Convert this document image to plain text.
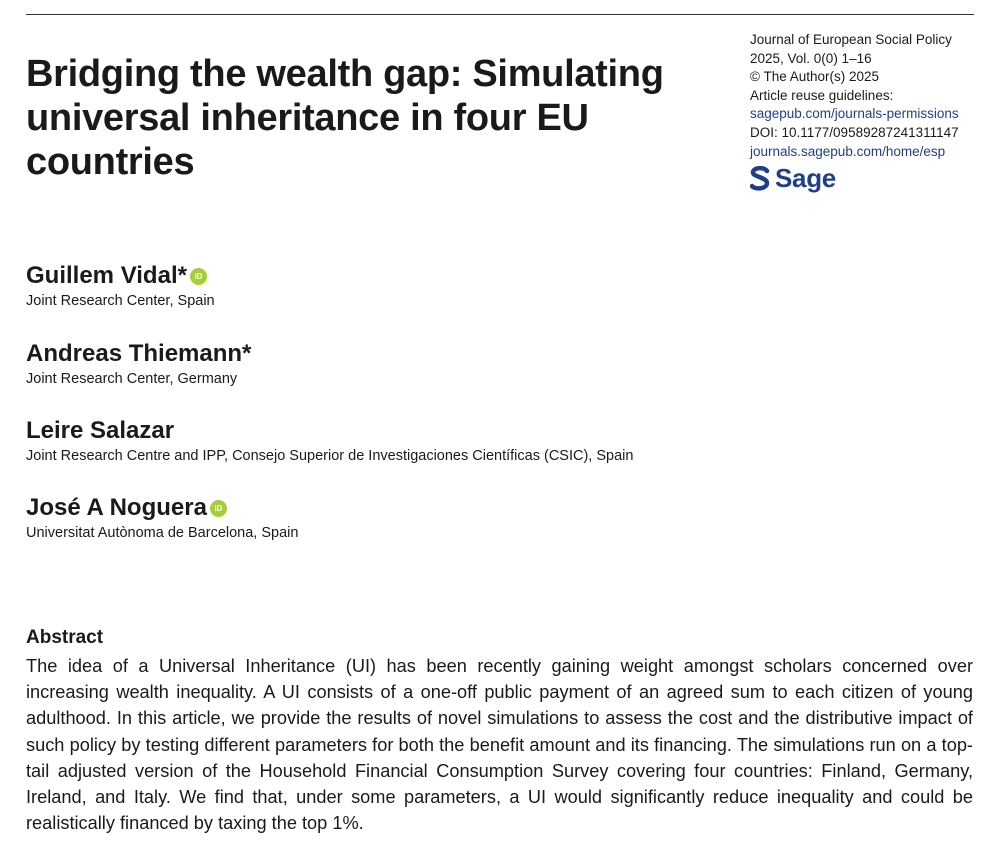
Bridging the wealth gap: Simulating universal inheritance in four EU countries
Journal of European Social Policy
2025, Vol. 0(0) 1–16
© The Author(s) 2025
Article reuse guidelines:
sagepub.com/journals-permissions
DOI: 10.1177/09589287241311147
journals.sagepub.com/home/esp
Sage
Guillem Vidal* iD
Joint Research Center, Spain
Andreas Thiemann*
Joint Research Center, Germany
Leire Salazar
Joint Research Centre and IPP, Consejo Superior de Investigaciones Científicas (CSIC), Spain
José A Noguera iD
Universitat Autònoma de Barcelona, Spain
Abstract

The idea of a Universal Inheritance (UI) has been recently gaining weight amongst scholars concerned over increasing wealth inequality. A UI consists of a one-off public payment of an agreed sum to each citizen of young adulthood. In this article, we provide the results of novel simulations to assess the cost and the distributive impact of such policy by testing different parameters for both the benefit amount and its financing. The simulations run on a top-tail adjusted version of the Household Financial Consumption Survey covering four countries: Finland, Germany, Ireland, and Italy. We find that, under some parameters, a UI would significantly reduce inequality and could be realistically financed by taxing the top 1%.
